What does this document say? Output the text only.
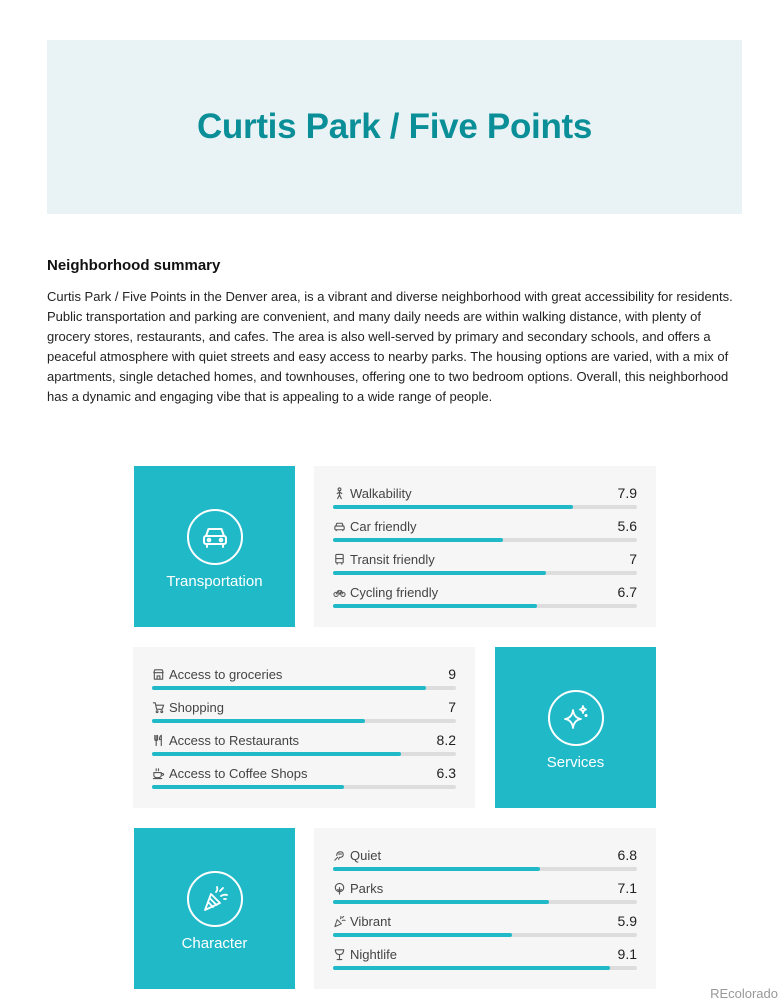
Curtis Park / Five Points
Neighborhood summary
Curtis Park / Five Points in the Denver area, is a vibrant and diverse neighborhood with great accessibility for residents. Public transportation and parking are convenient, and many daily needs are within walking distance, with plenty of grocery stores, restaurants, and cafes. The area is also well-served by primary and secondary schools, and offers a peaceful atmosphere with quiet streets and easy access to nearby parks. The housing options are varied, with a mix of apartments, single detached homes, and townhouses, offering one to two bedroom options. Overall, this neighborhood has a dynamic and engaging vibe that is appealing to a wide range of people.
Transportation
Walkability	7.9
Car friendly	5.6
Transit friendly	7
Cycling friendly	6.7
Access to groceries	9
Shopping	7
Access to Restaurants	8.2
Access to Coffee Shops	6.3
Services
Character
Quiet	6.8
Parks	7.1
Vibrant	5.9
Nightlife	9.1
REcolorado
